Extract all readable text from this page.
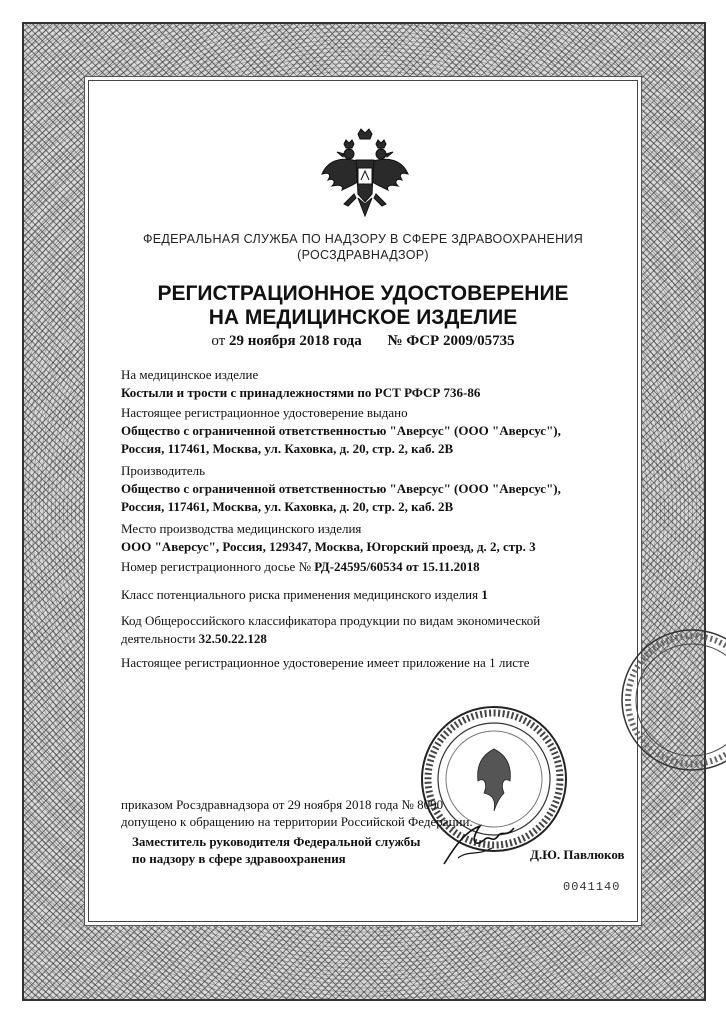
ФЕДЕРАЛЬНАЯ СЛУЖБА ПО НАДЗОРУ В СФЕРЕ ЗДРАВООХРАНЕНИЯ
(РОСЗДРАВНАДЗОР)
РЕГИСТРАЦИОННОЕ УДОСТОВЕРЕНИЕ
НА МЕДИЦИНСКОЕ ИЗДЕЛИЕ
от 29 ноября 2018 года № ФСР 2009/05735
На медицинское изделие
Костыли и трости с принадлежностями по РСТ РФСР 736-86
Настоящее регистрационное удостоверение выдано
Общество с ограниченной ответственностью "Аверсус" (ООО "Аверсус"),
Россия, 117461, Москва, ул. Каховка, д. 20, стр. 2, каб. 2В
Производитель
Общество с ограниченной ответственностью "Аверсус" (ООО "Аверсус"),
Россия, 117461, Москва, ул. Каховка, д. 20, стр. 2, каб. 2В
Место производства медицинского изделия
ООО "Аверсус", Россия, 129347, Москва, Югорский проезд, д. 2, стр. 3
Номер регистрационного досье № РД-24595/60534 от 15.11.2018
Класс потенциального риска применения медицинского изделия 1
Код Общероссийского классификатора продукции по видам экономической
деятельности 32.50.22.128
Настоящее регистрационное удостоверение имеет приложение на 1 листе
приказом Росздравнадзора от 29 ноября 2018 года № 8090
допущено к обращению на территории Российской Федерации.
Заместитель руководителя Федеральной службы
по надзору в сфере здравоохранения	Д.Ю. Павлюков
0041140
